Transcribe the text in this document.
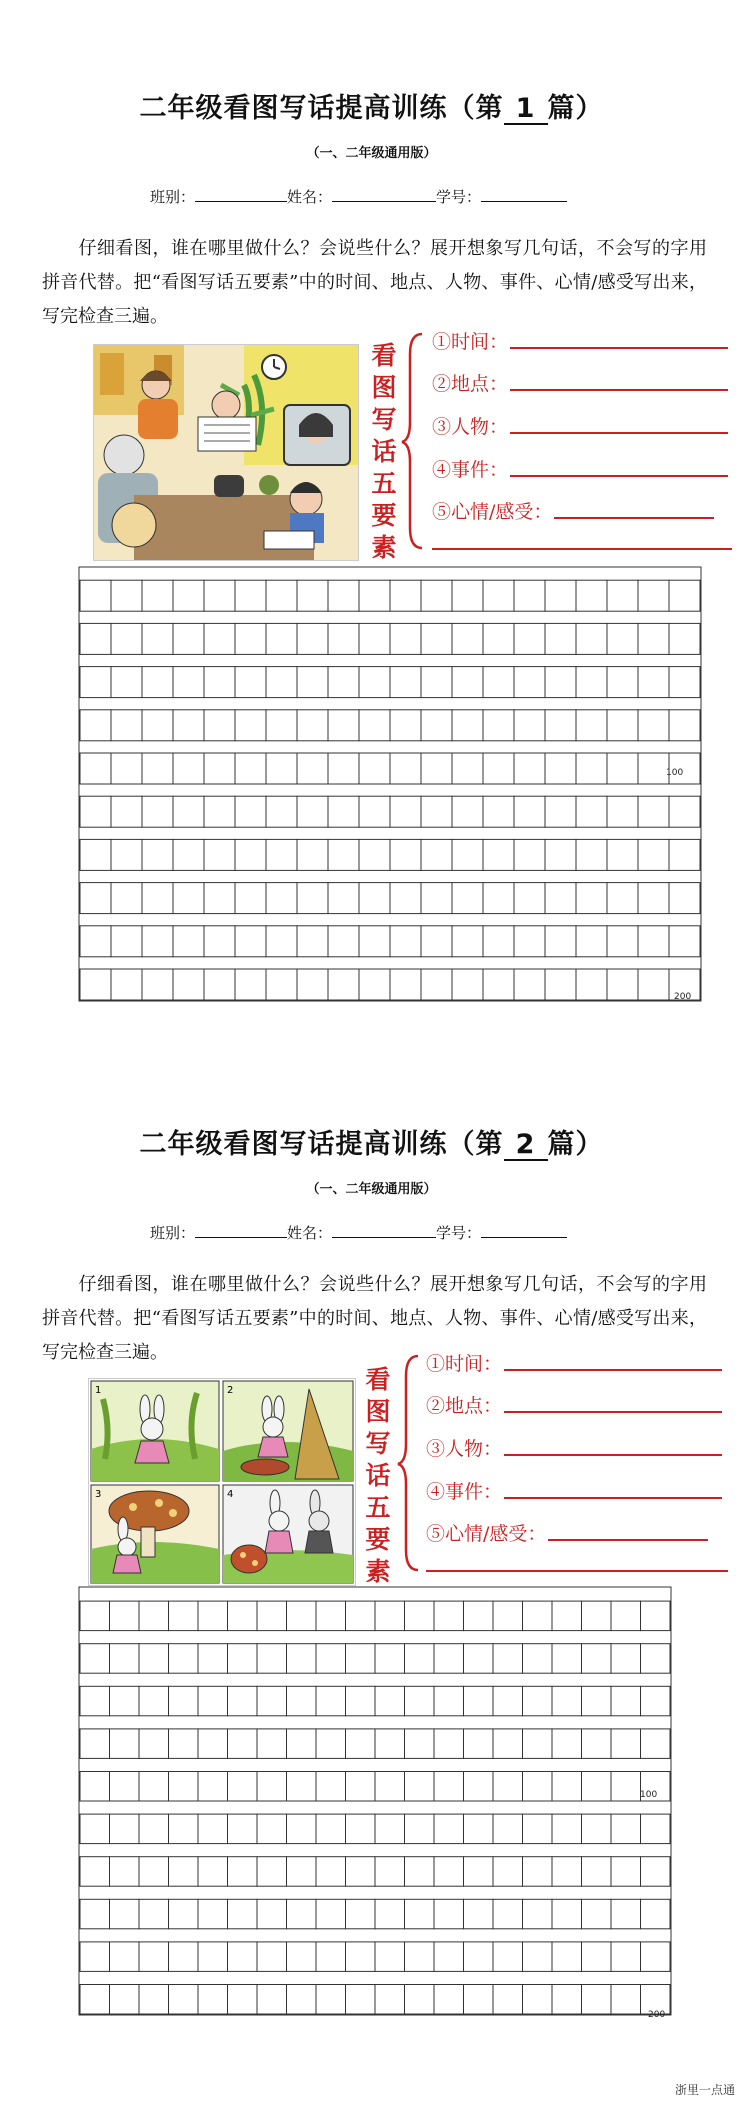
二年级看图写话提高训练（第 1 篇）
（一、二年级通用版）
班别：	姓名：	学号：
仔细看图，谁在哪里做什么？会说些什么？展开想象写几句话，不会写的字用拼音代替。把“看图写话五要素”中的时间、地点、人物、事件、心情/感受写出来，写完检查三遍。
看图写话五要素
①时间：
②地点：
③人物：
④事件：
⑤心情/感受：
100
200
二年级看图写话提高训练（第 2 篇）
（一、二年级通用版）
班别：	姓名：	学号：
仔细看图，谁在哪里做什么？会说些什么？展开想象写几句话，不会写的字用拼音代替。把“看图写话五要素”中的时间、地点、人物、事件、心情/感受写出来，写完检查三遍。
1	2
3	4
看图写话五要素
①时间：
②地点：
③人物：
④事件：
⑤心情/感受：
100
200
浙里一点通
